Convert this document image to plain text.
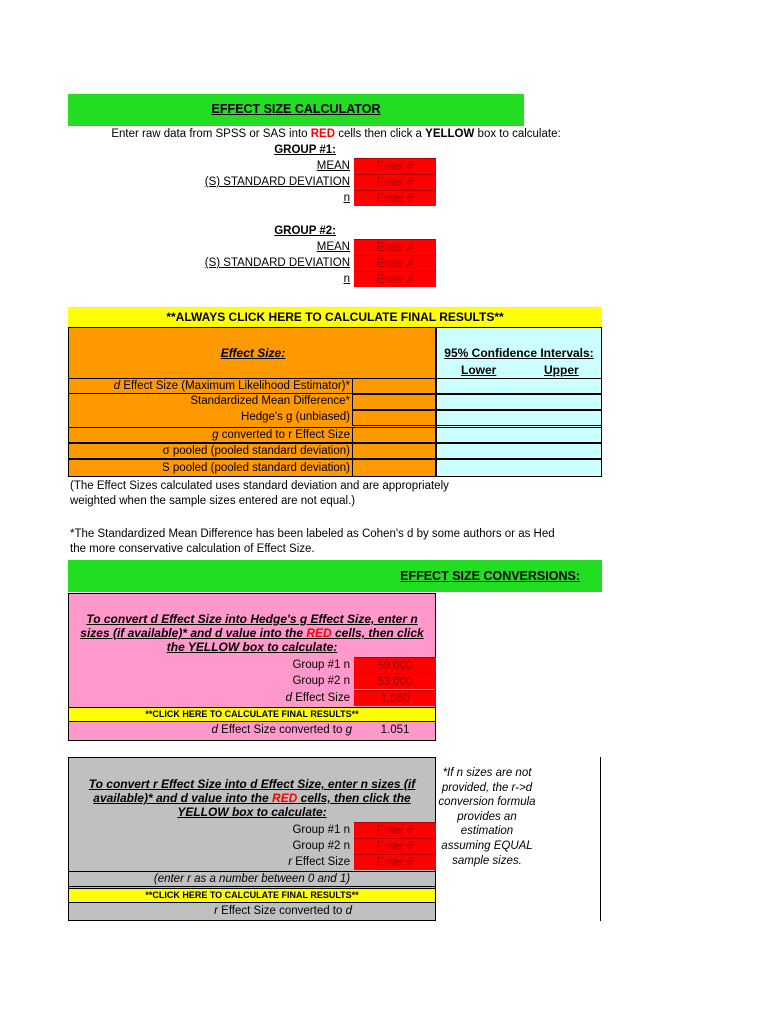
EFFECT SIZE CALCULATOR
Enter raw data from SPSS or SAS into RED cells then click a YELLOW box to calculate:
GROUP #1:
MEAN	Enter #
(S) STANDARD DEVIATION	Enter #
n	Enter #
GROUP #2:
MEAN	Enter #
(S) STANDARD DEVIATION	Enter #
n	Enter #
**ALWAYS CLICK HERE TO CALCULATE FINAL RESULTS**
Effect Size:	95% Confidence Intervals:
Lower	Upper
d Effect Size (Maximum Likelihood Estimator)*
Standardized Mean Difference*
Hedge's g (unbiased)
g converted to r Effect Size
σ pooled (pooled standard deviation)
S pooled (pooled standard deviation)
(The Effect Sizes calculated uses standard deviation and are appropriately
weighted when the sample sizes entered are not equal.)
*The Standardized Mean Difference has been labeled as Cohen's d by some authors or as Hed
the more conservative calculation of Effect Size.
EFFECT SIZE CONVERSIONS:
To convert d Effect Size into Hedge's g Effect Size, enter n sizes (if available)* and d value into the RED cells, then click the YELLOW box to calculate:
Group #1 n	59.000
Group #2 n	53.000
d Effect Size	1.060
**CLICK HERE TO CALCULATE FINAL RESULTS**
d Effect Size converted to g	1.051
To convert r Effect Size into d Effect Size, enter n sizes (if available)* and d value into the RED cells, then click the YELLOW box to calculate:
Group #1 n	Enter #
Group #2 n	Enter #
r Effect Size	Enter #
(enter r as a number between 0 and 1)
**CLICK HERE TO CALCULATE FINAL RESULTS**
r Effect Size converted to d
*If n sizes are not provided, the r->d conversion formula provides an estimation assuming EQUAL sample sizes.
